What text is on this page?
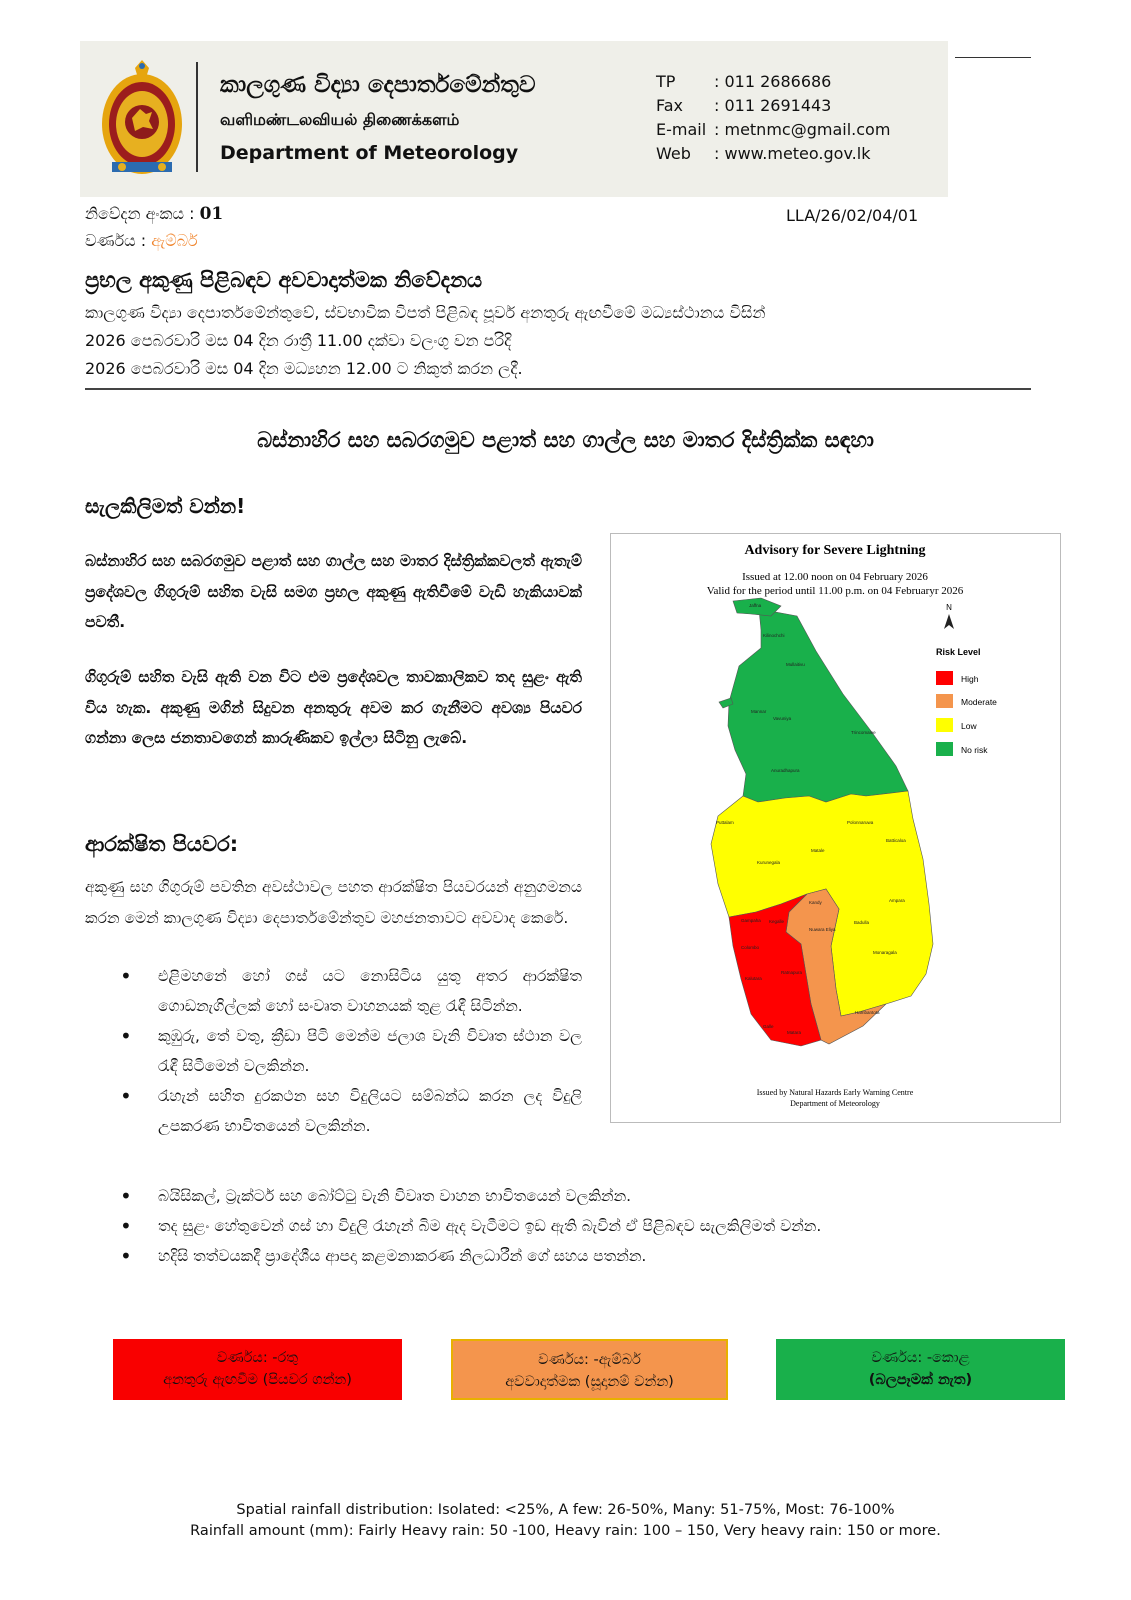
කාලගුණ විද්‍යා දෙපාර්තමේන්තුව
வளிமண்டலவியல் திணைக்களம்
Department of Meteorology
TP : 011 2686686
Fax : 011 2691443
E-mail : metnmc@gmail.com
Web : www.meteo.gov.lk
නිවේදන අංකය : 01	LLA/26/02/04/01
වර්ණය : ඇම්බර්
ප්‍රභල අකුණු පිළිබඳව අවවාදාත්මක නිවේදනය
කාලගුණ විද්‍යා දෙපාර්තමේන්තුවේ, ස්වභාවික විපත් පිළිබඳ පූර්ව අනතුරු ඇඟවීමේ මධ්‍යස්ථානය විසින්
2026 පෙබරවාරි මස 04 දින රාත්‍රී 11.00 දක්වා වලංගු වන පරිදි
2026 පෙබරවාරි මස 04 දින මධ්‍යහන 12.00 ට නිකුත් කරන ලදී.
බස්නාහිර සහ සබරගමුව පළාත් සහ ගාල්ල සහ මාතර දිස්ත්‍රික්ක සඳහා
සැලකිලිමත් වන්න!
බස්නාහිර සහ සබරගමුව පළාත් සහ ගාල්ල සහ මාතර දිස්ත්‍රික්කවලත් ඇතැම් ප්‍රදේශවල ගිගුරුම් සහිත වැසි සමග ප්‍රභල අකුණු ඇතිවීමේ වැඩි හැකියාවක් පවතී.
ගිගුරුම් සහිත වැසි ඇති වන විට එම ප්‍රදේශවල තාවකාලිකව තද සුළං ඇති විය හැක. අකුණු මගින් සිදුවන අනතුරු අවම කර ගැනීමට අවශ්‍ය පියවර ගන්නා ලෙස ජනතාවගෙන් කාරුණිකව ඉල්ලා සිටිනු ලැබේ.
ආරක්ෂිත පියවර:
අකුණු සහ ගිගුරුම් පවතින අවස්ථාවල පහත ආරක්ෂිත පියවරයන් අනුගමනය කරන මෙන් කාලගුණ විද්‍යා දෙපාර්තමේන්තුව මහජනතාවට අවවාද කෙරේ.
• එළිමහනේ හෝ ගස් යට නොසිටිය යුතු අතර ආරක්ෂිත ගොඩනැගිල්ලක් හෝ සංවෘත වාහනයක් තුළ රැඳී සිටින්න.
• කුඹුරු, තේ වතු, ක්‍රීඩා පිටි මෙන්ම ජලාශ වැනි විවෘත ස්ථාන වල රැඳී සිටීමෙන් වලකින්න.
• රැහැන් සහිත දුරකථන සහ විදුලියට සම්බන්ධ කරන ලද විදුලි උපකරණ භාවිතයෙන් වලකින්න.
• බයිසිකල්, ට්‍රැක්ටර් සහ බෝට්ටු වැනි විවෘත වාහන භාවිතයෙන් වලකින්න.
• තද සුළං හේතුවෙන් ගස් හා විදුලි රැහැන් බිම ඇද වැටීමට ඉඩ ඇති බැවින් ඒ පිළිබඳව සැලකිලිමත් වන්න.
• හදිසි තත්වයකදී ප්‍රාදේශීය ආපදා කළමනාකරණ නිලධාරීන් ගේ සහය පතන්න.
Advisory for Severe Lightning
Issued at 12.00 noon on 04 February 2026
Valid for the period until 11.00 p.m. on 04 Februaryr 2026
Jaffna
Kilinochchi
Mullaitivu
Mannar
Vavuniya
Trincomalee
Anuradhapura
Puttalam	Polonnaruwa
Batticaloa
Kurunegala
Matale
Kandy	Ampara
Gampaha Kegalle
Nuwara Eliya
Badulla
Colombo
Monaragala
Kalutara
Ratnapura
Hambantota
Galle
Matara
N
Risk Level
High
Moderate
Low
No risk
Issued by Natural Hazards Early Warning Centre
Department of Meteorology
වර්ණය: -රතු
අනතුරු ඇඟවීම (පියවර ගන්න)
වර්ණය: -ඇම්බර්
අවවාදාත්මක (සූදානම් වන්න)
වර්ණය: -කොළ
(බලපෑමක් නැත)
Spatial rainfall distribution: Isolated: <25%, A few: 26-50%, Many: 51-75%, Most: 76-100%
Rainfall amount (mm): Fairly Heavy rain: 50 -100, Heavy rain: 100 – 150, Very heavy rain: 150 or more.
